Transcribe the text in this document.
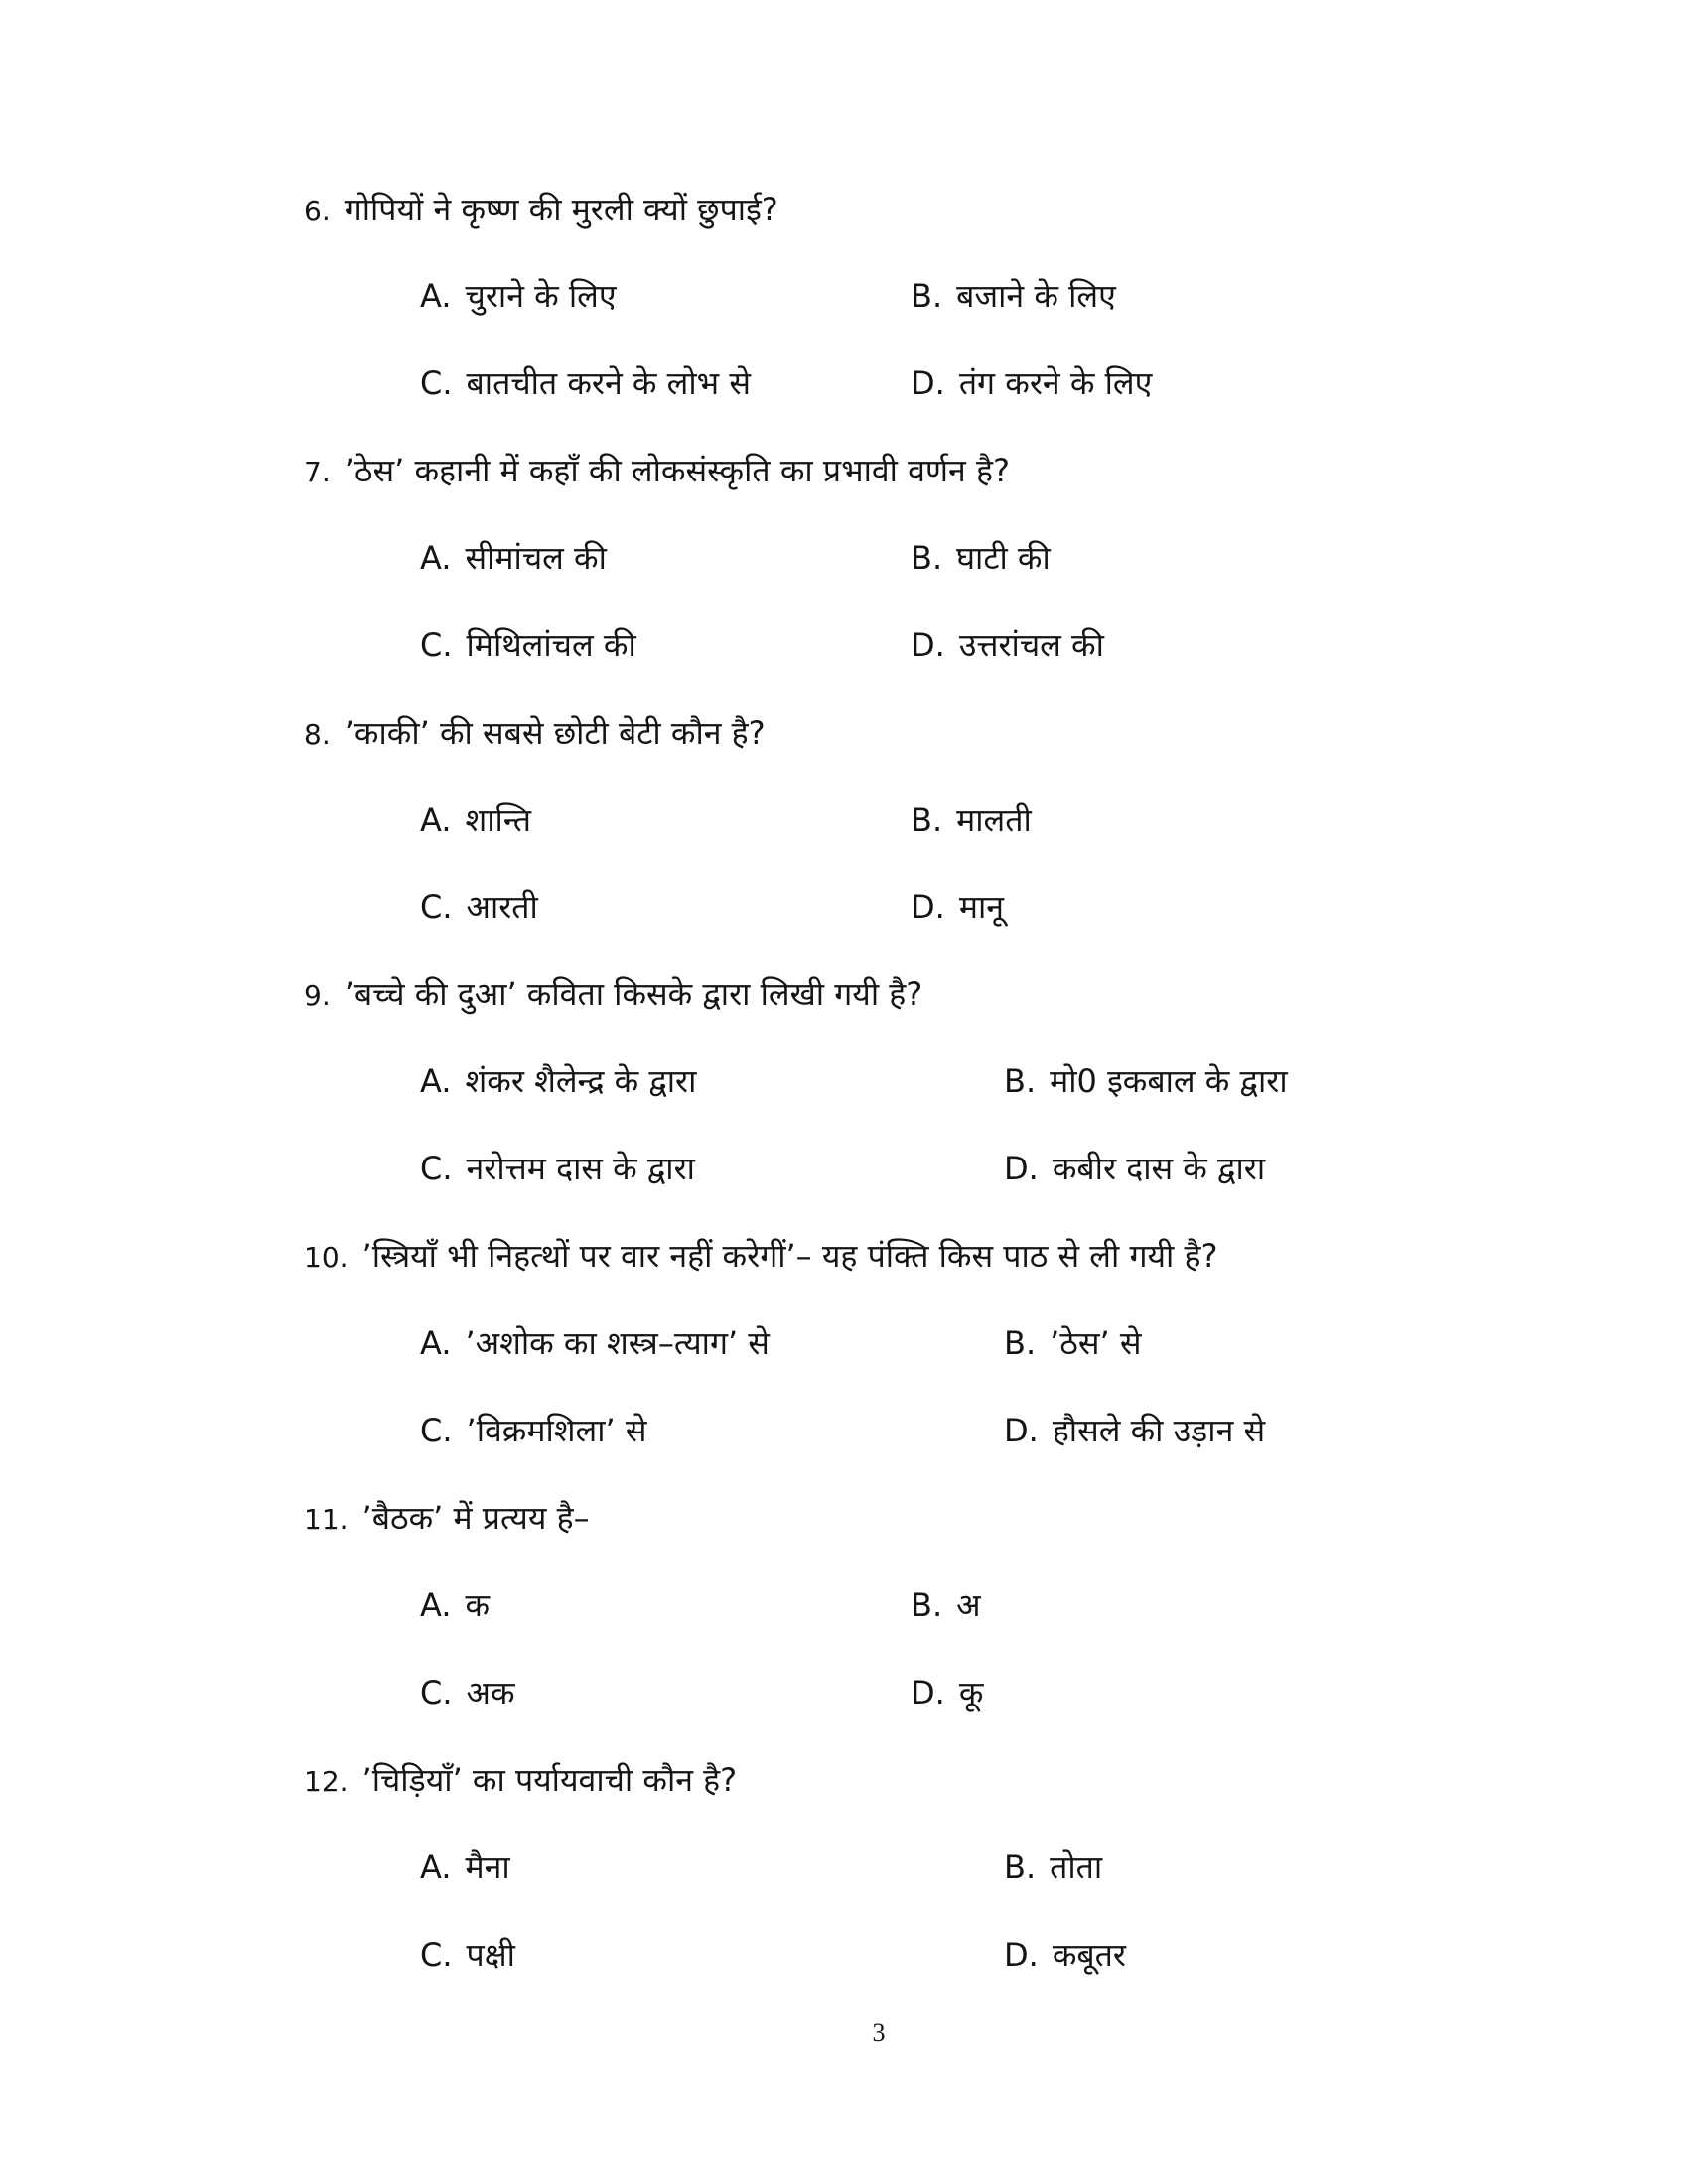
6. गोपियों ने कृष्ण की मुरली क्यों छुपाई?
A. चुराने के लिए	B. बजाने के लिए
C. बातचीत करने के लोभ से	D. तंग करने के लिए
7. ’ठेस’ कहानी में कहाँ की लोकसंस्कृति का प्रभावी वर्णन है?
A. सीमांचल की	B. घाटी की
C. मिथिलांचल की	D. उत्तरांचल की
8. ’काकी’ की सबसे छोटी बेटी कौन है?
A. शान्ति	B. मालती
C. आरती	D. मानू
9. ’बच्चे की दुआ’ कविता किसके द्वारा लिखी गयी है?
A. शंकर शैलेन्द्र के द्वारा	B. मो0 इकबाल के द्वारा
C. नरोत्तम दास के द्वारा	D. कबीर दास के द्वारा
10. ’स्त्रियाँ भी निहत्थों पर वार नहीं करेगीं’– यह पंक्ति किस पाठ से ली गयी है?
A. ’अशोक का शस्त्र–त्याग’ से	B. ’ठेस’ से
C. ’विक्रमशिला’ से	D. हौसले की उड़ान से
11. ’बैठक’ में प्रत्यय है–
A. क	B. अ
C. अक	D. कू
12. ’चिड़ियाँ’ का पर्यायवाची कौन है?
A. मैना	B. तोता
C. पक्षी	D. कबूतर
3
